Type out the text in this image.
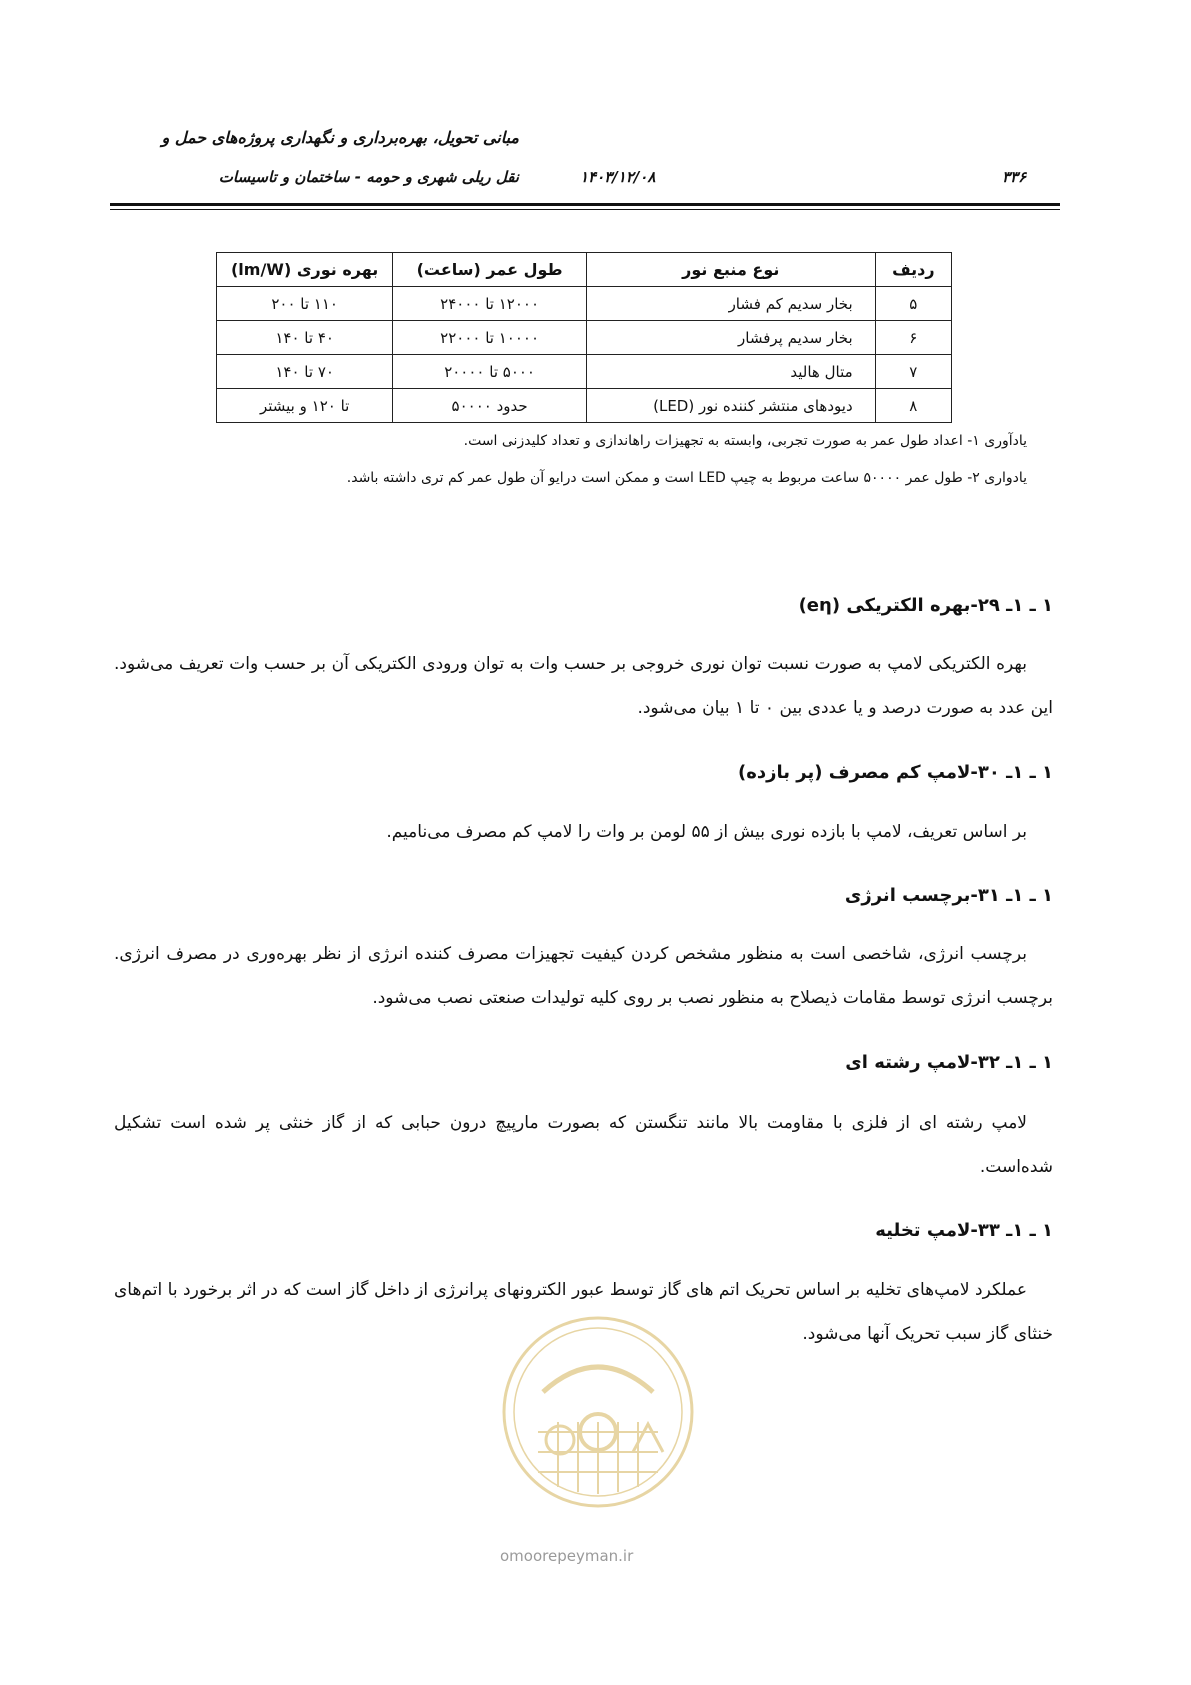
مبانی تحویل، بهره‌برداری و نگهداری پروژه‌های حمل و
نقل ریلی شهری و حومه - ساختمان و تاسیسات	۱۴۰۳/۱۲/۰۸	۳۳۶
ردیف	نوع منبع نور	طول عمر (ساعت)	بهره نوری (lm/W)
۵	بخار سدیم کم فشار	۱۲۰۰۰ تا ۲۴۰۰۰	۱۱۰ تا ۲۰۰
۶	بخار سدیم پرفشار	۱۰۰۰۰ تا ۲۲۰۰۰	۴۰ تا ۱۴۰
۷	متال هالید	۵۰۰۰ تا ۲۰۰۰۰	۷۰ تا ۱۴۰
۸	دیودهای منتشر کننده نور (LED)	حدود ۵۰۰۰۰	تا ۱۲۰ و بیشتر
یادآوری ۱- اعداد طول عمر به صورت تجربی، وابسته به تجهیزات راهاندازی و تعداد کلیدزنی است.
یادواری ۲- طول عمر ۵۰۰۰۰ ساعت مربوط به چیپ LED است و ممکن است درایو آن طول عمر کم تری داشته باشد.
۱ ـ ۱ـ ۲۹-بهره الکتریکی (eη)
بهره الکتریکی لامپ به صورت نسبت توان نوری خروجی بر حسب وات به توان ورودی الکتریکی آن بر حسب وات تعریف می‌شود. این عدد به صورت درصد و یا عددی بین ۰ تا ۱ بیان می‌شود.
۱ ـ ۱ـ ۳۰-لامپ کم مصرف (پر بازده)
بر اساس تعریف، لامپ با بازده نوری بیش از ۵۵ لومن بر وات را لامپ کم مصرف می‌نامیم.
۱ ـ ۱ـ ۳۱-برچسب انرژی
برچسب انرژی، شاخصی است به منظور مشخص کردن کیفیت تجهیزات مصرف کننده انرژی از نظر بهره‌وری در مصرف انرژی. برچسب انرژی توسط مقامات ذیصلاح به منظور نصب بر روی کلیه تولیدات صنعتی نصب می‌شود.
۱ ـ ۱ـ ۳۲-لامپ رشته ای
لامپ رشته ای از فلزی با مقاومت بالا مانند تنگستن که بصورت مارپیچ درون حبابی که از گاز خنثی پر شده است تشکیل شده‌است.
۱ ـ ۱ـ ۳۳-لامپ تخلیه
عملکرد لامپ‌های تخلیه بر اساس تحریک اتم های گاز توسط عبور الکترونهای پرانرژی از داخل گاز است که در اثر برخورد با اتم‌های خنثای گاز سبب تحریک آنها می‌شود.
omoorepeyman.ir
